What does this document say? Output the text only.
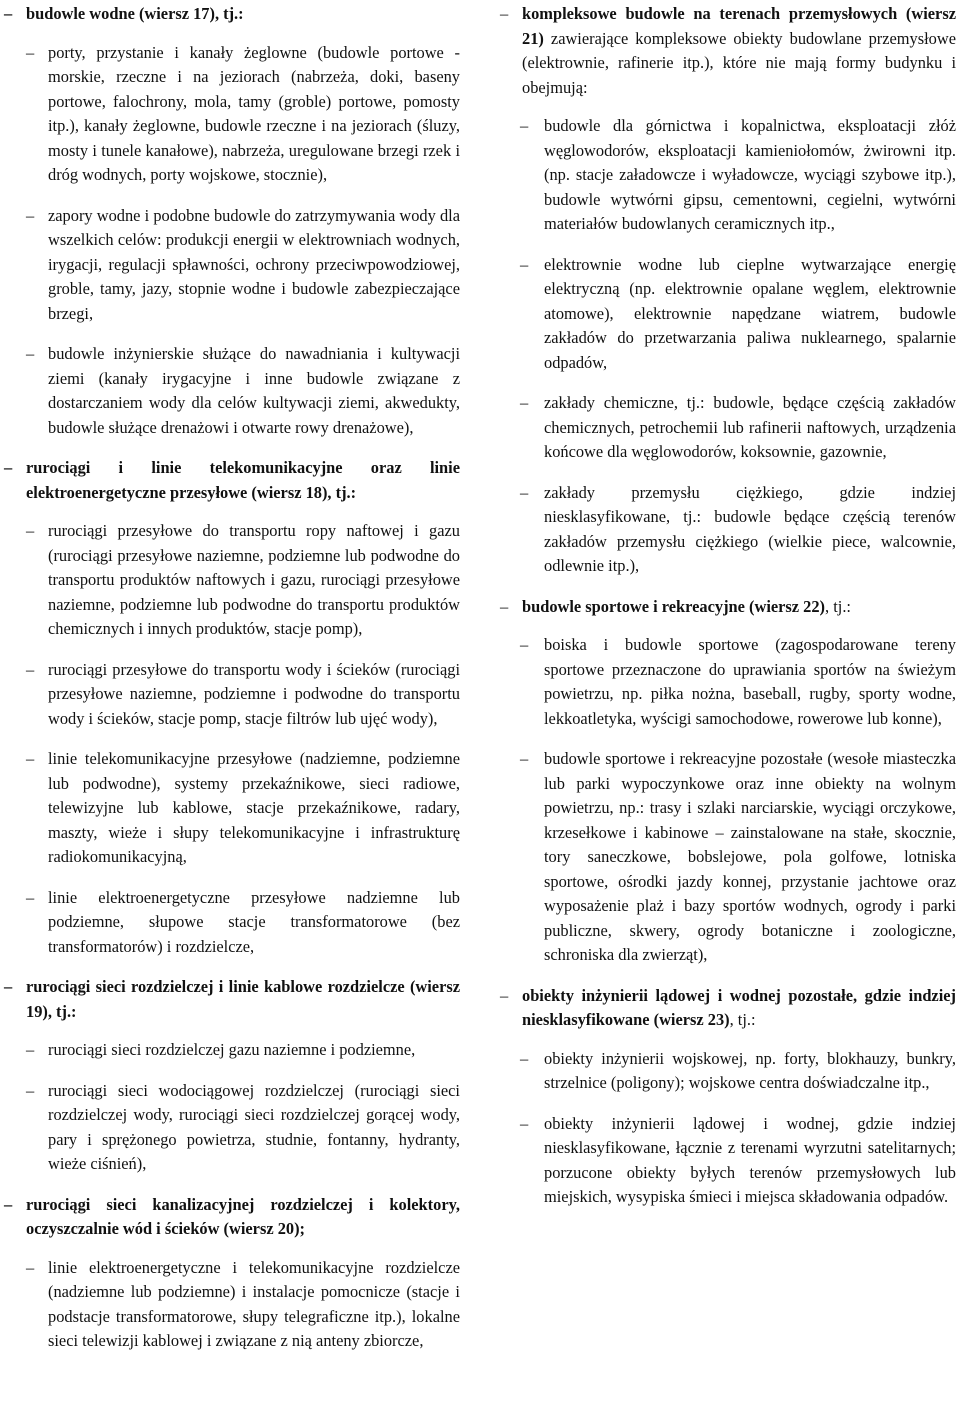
– budowle wodne (wiersz 17), tj.:

– porty, przystanie i kanały żeglowne (budowle portowe - morskie, rzeczne i na jeziorach (nabrzeża, doki, baseny portowe, falochrony, mola, tamy (groble) portowe, pomosty itp.), kanały żeglowne, budowle rzeczne i na jeziorach (śluzy, mosty i tunele kanałowe), nabrzeża, uregulowane brzegi rzek i dróg wodnych, porty wojskowe, stocznie),

– zapory wodne i podobne budowle do zatrzymywania wody dla wszelkich celów: produkcji energii w elektrowniach wodnych, irygacji, regulacji spławności, ochrony przeciwpowodziowej, groble, tamy, jazy, stopnie wodne i budowle zabezpieczające brzegi,

– budowle inżynierskie służące do nawadniania i kultywacji ziemi (kanały irygacyjne i inne budowle związane z dostarczaniem wody dla celów kultywacji ziemi, akwedukty, budowle służące drenażowi i otwarte rowy drenażowe),

– rurociągi i linie telekomunikacyjne oraz linie elektroenergetyczne przesyłowe (wiersz 18), tj.:

– rurociągi przesyłowe do transportu ropy naftowej i gazu (rurociągi przesyłowe naziemne, podziemne lub podwodne do transportu produktów naftowych i gazu, rurociągi przesyłowe naziemne, podziemne lub podwodne do transportu produktów chemicznych i innych produktów, stacje pomp),

– rurociągi przesyłowe do transportu wody i ścieków (rurociągi przesyłowe naziemne, podziemne i podwodne do transportu wody i ścieków, stacje pomp, stacje filtrów lub ujęć wody),

– linie telekomunikacyjne przesyłowe (nadziemne, podziemne lub podwodne), systemy przekaźnikowe, sieci radiowe, telewizyjne lub kablowe, stacje przekaźnikowe, radary, maszty, wieże i słupy telekomunikacyjne i infrastrukturę radiokomunikacyjną,

– linie elektroenergetyczne przesyłowe nadziemne lub podziemne, słupowe stacje transformatorowe (bez transformatorów) i rozdzielcze,

– rurociągi sieci rozdzielczej i linie kablowe rozdzielcze (wiersz 19), tj.:

– rurociągi sieci rozdzielczej gazu naziemne i podziemne,

– rurociągi sieci wodociągowej rozdzielczej (rurociągi sieci rozdzielczej wody, rurociągi sieci rozdzielczej gorącej wody, pary i sprężonego powietrza, studnie, fontanny, hydranty, wieże ciśnień),

– rurociągi sieci kanalizacyjnej rozdzielczej i kolektory, oczyszczalnie wód i ścieków (wiersz 20);

– linie elektroenergetyczne i telekomunikacyjne rozdzielcze (nadziemne lub podziemne) i instalacje pomocnicze (stacje i podstacje transformatorowe, słupy telegraficzne itp.), lokalne sieci telewizji kablowej i związane z nią anteny zbiorcze,

– kompleksowe budowle na terenach przemysłowych (wiersz 21) zawierające kompleksowe obiekty budowlane przemysłowe (elektrownie, rafinerie itp.), które nie mają formy budynku i obejmują:

– budowle dla górnictwa i kopalnictwa, eksploatacji złóż węglowodorów, eksploatacji kamieniołomów, żwirowni itp. (np. stacje załadowcze i wyładowcze, wyciągi szybowe itp.), budowle wytwórni gipsu, cementowni, cegielni, wytwórni materiałów budowlanych ceramicznych itp.,

– elektrownie wodne lub cieplne wytwarzające energię elektryczną (np. elektrownie opalane węglem, elektrownie atomowe), elektrownie napędzane wiatrem, budowle zakładów do przetwarzania paliwa nuklearnego, spalarnie odpadów,

– zakłady chemiczne, tj.: budowle, będące częścią zakładów chemicznych, petrochemii lub rafinerii naftowych, urządzenia końcowe dla węglowodorów, koksownie, gazownie,

– zakłady przemysłu ciężkiego, gdzie indziej niesklasyfikowane, tj.: budowle będące częścią terenów zakładów przemysłu ciężkiego (wielkie piece, walcownie, odlewnie itp.),

– budowle sportowe i rekreacyjne (wiersz 22), tj.:

– boiska i budowle sportowe (zagospodarowane tereny sportowe przeznaczone do uprawiania sportów na świeżym powietrzu, np. piłka nożna, baseball, rugby, sporty wodne, lekkoatletyka, wyścigi samochodowe, rowerowe lub konne),

– budowle sportowe i rekreacyjne pozostałe (wesołe miasteczka lub parki wypoczynkowe oraz inne obiekty na wolnym powietrzu, np.: trasy i szlaki narciarskie, wyciągi orczykowe, krzesełkowe i kabinowe – zainstalowane na stałe, skocznie, tory saneczkowe, bobslejowe, pola golfowe, lotniska sportowe, ośrodki jazdy konnej, przystanie jachtowe oraz wyposażenie plaż i bazy sportów wodnych, ogrody i parki publiczne, skwery, ogrody botaniczne i zoologiczne, schroniska dla zwierząt),

– obiekty inżynierii lądowej i wodnej pozostałe, gdzie indziej niesklasyfikowane (wiersz 23), tj.:

– obiekty inżynierii wojskowej, np. forty, blokhauzy, bunkry, strzelnice (poligony); wojskowe centra doświadczalne itp.,

– obiekty inżynierii lądowej i wodnej, gdzie indziej niesklasyfikowane, łącznie z terenami wyrzutni satelitarnych; porzucone obiekty byłych terenów przemysłowych lub miejskich, wysypiska śmieci i miejsca składowania odpadów.
